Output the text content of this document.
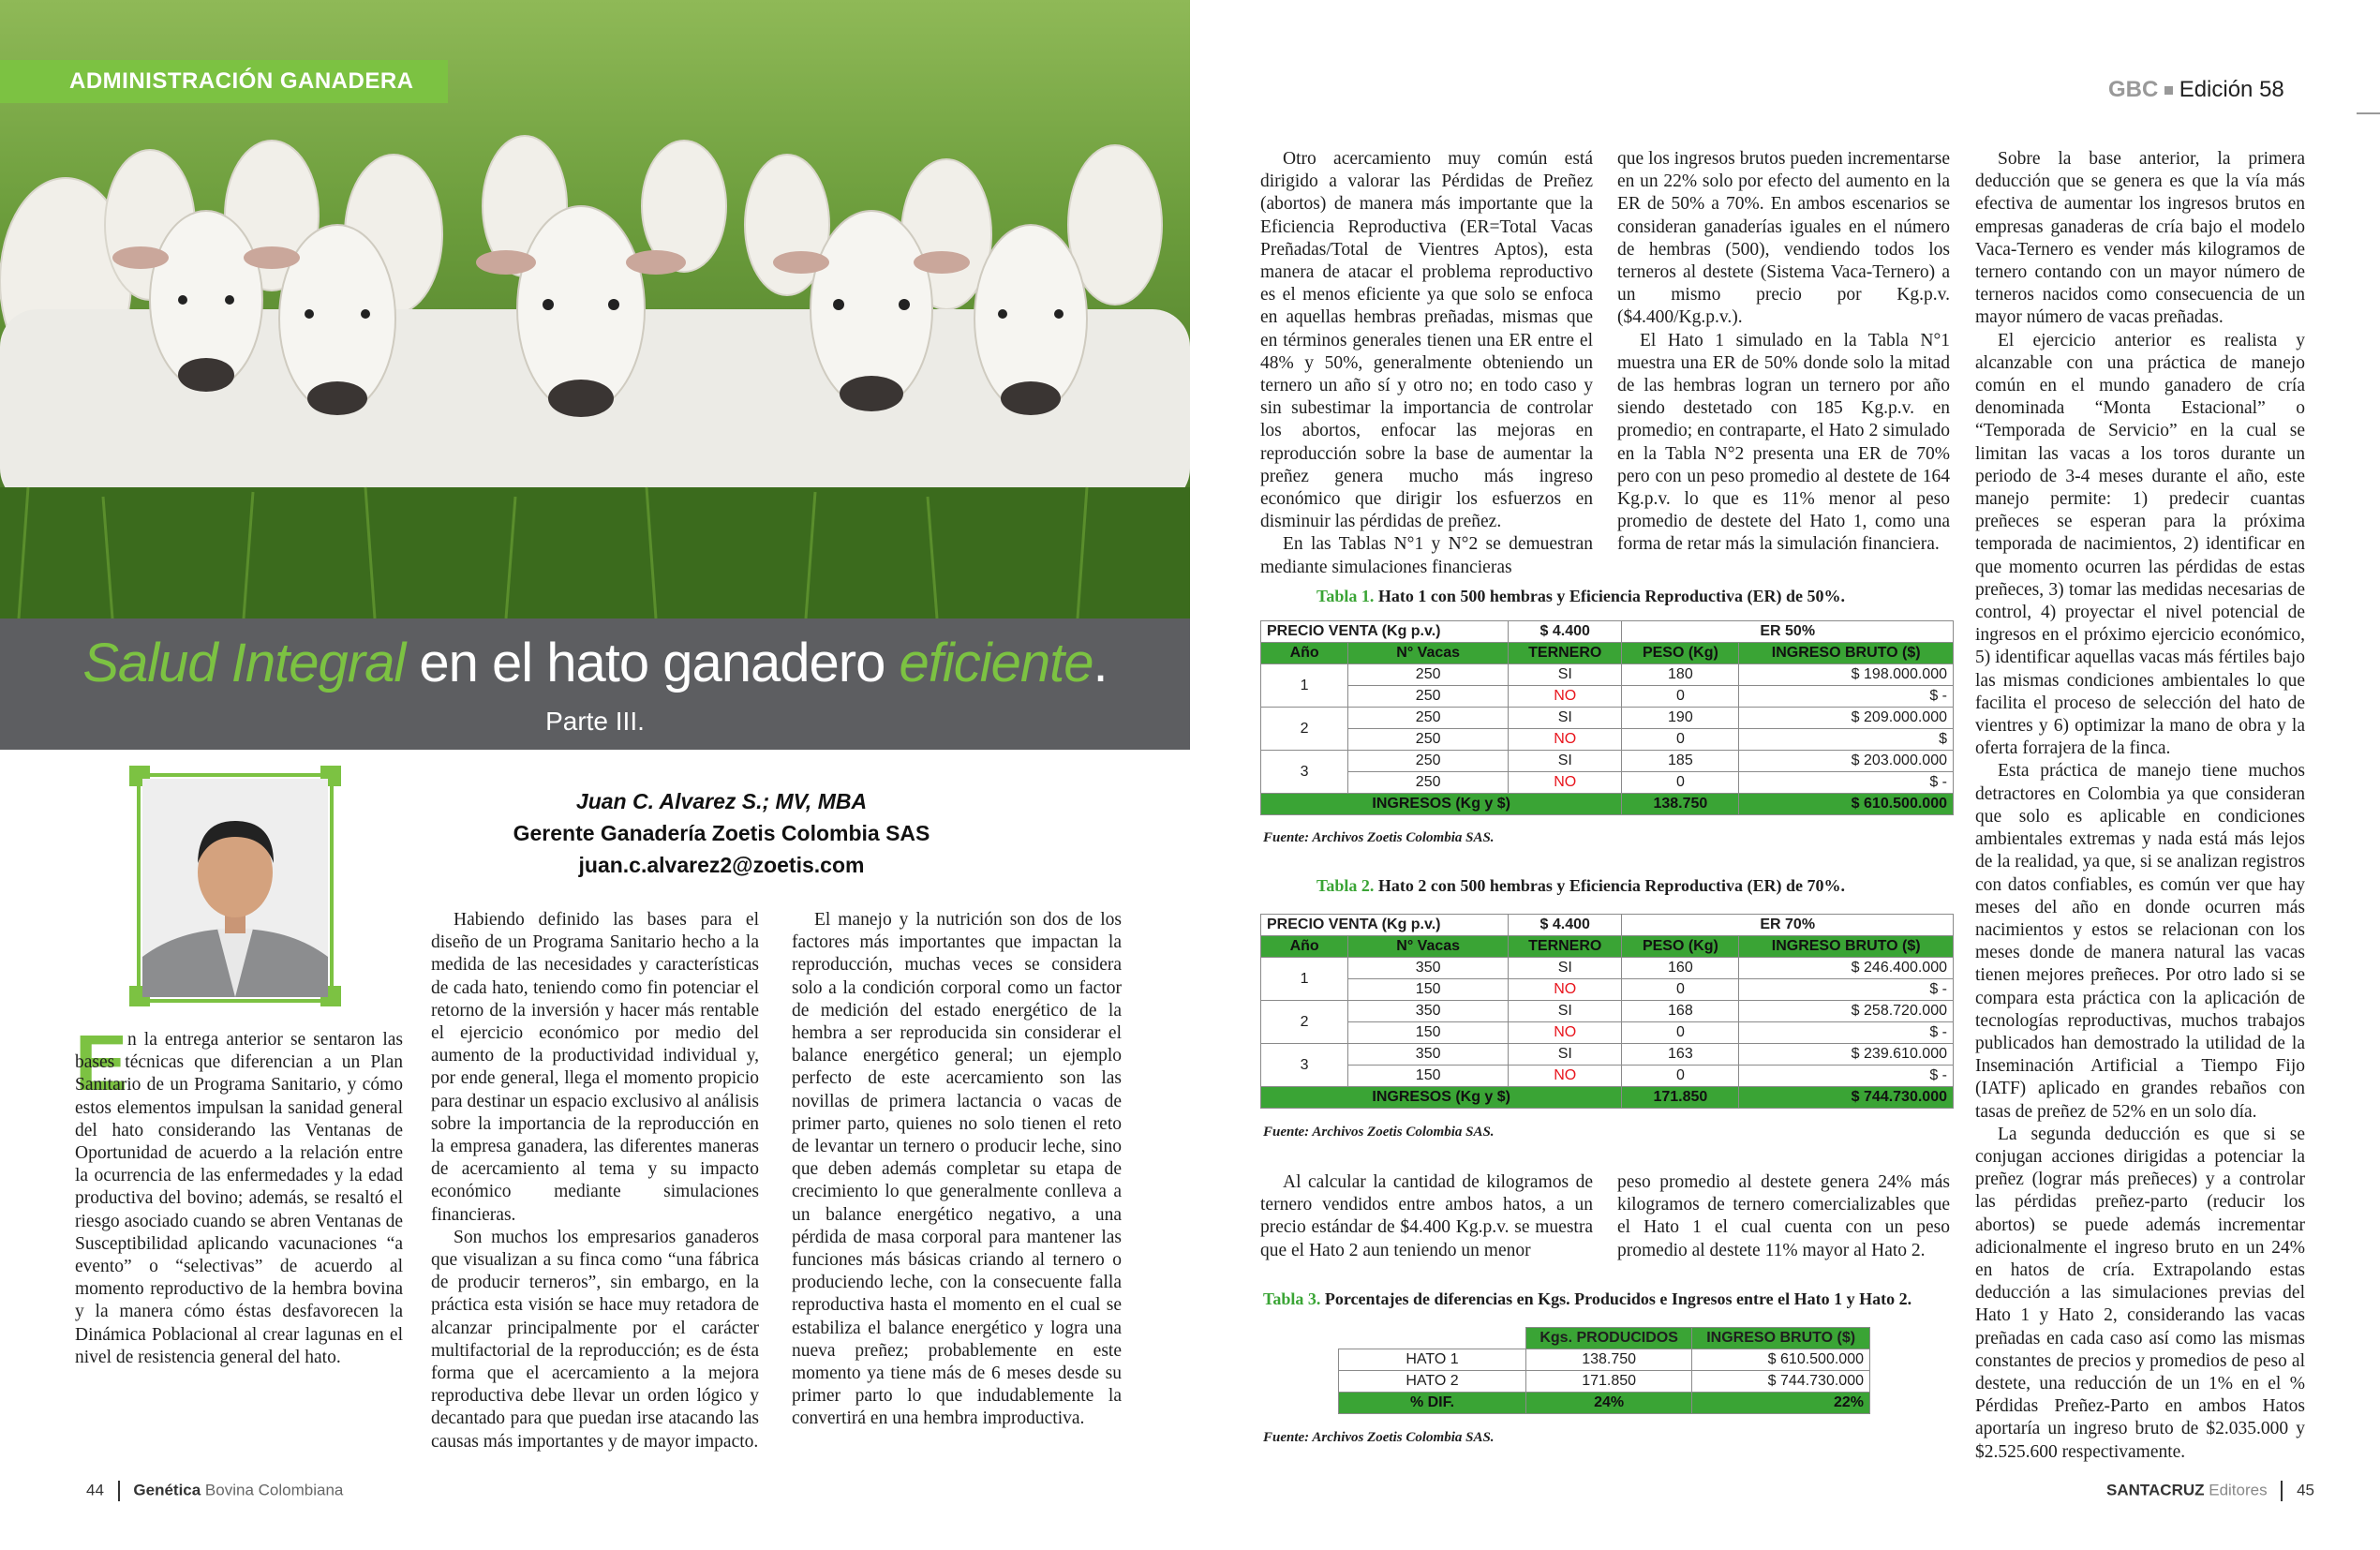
ADMINISTRACIÓN GANADERA
Salud Integral en el hato ganadero eficiente.
Parte III.
GBC Edición 58
Juan C. Alvarez S.; MV, MBA
Gerente Ganadería Zoetis Colombia SAS
juan.c.alvarez2@zoetis.com
E n la entrega anterior se sentaron las bases técnicas que diferencian a un Plan Sanitario de un Programa Sanitario, y cómo estos elementos impulsan la sanidad general del hato considerando las Ventanas de Oportunidad de acuerdo a la relación entre la ocurrencia de las enfermedades y la edad productiva del bovino; además, se resaltó el riesgo asociado cuando se abren Ventanas de Susceptibilidad aplicando vacunaciones “a evento” o “selectivas” de acuerdo al momento reproductivo de la hembra bovina y la manera cómo éstas desfavorecen la Dinámica Poblacional al crear lagunas en el nivel de resistencia general del hato.

Habiendo definido las bases para el diseño de un Programa Sanitario hecho a la medida de las necesidades y características de cada hato, teniendo como fin potenciar el retorno de la inversión y hacer más rentable el ejercicio económico por medio del aumento de la productividad individual y, por ende general, llega el momento propicio para destinar un espacio exclusivo al análisis sobre la importancia de la reproducción en la empresa ganadera, las diferentes maneras de acercamiento al tema y su impacto económico mediante simulaciones financieras.

Son muchos los empresarios ganaderos que visualizan a su finca como “una fábrica de producir terneros”, sin embargo, en la práctica esta visión se hace muy retadora de alcanzar principalmente por el carácter multifactorial de la reproducción; es de ésta forma que el acercamiento a la mejora reproductiva debe llevar un orden lógico y decantado para que puedan irse atacando las causas más importantes y de mayor impacto.

El manejo y la nutrición son dos de los factores más importantes que impactan la reproducción, muchas veces se considera solo a la condición corporal como un factor de medición del estado energético de la hembra a ser reproducida sin considerar el balance energético general; un ejemplo perfecto de este acercamiento son las novillas de primera lactancia o vacas de primer parto, quienes no solo tienen el reto de levantar un ternero o producir leche, sino que deben además completar su etapa de crecimiento lo que generalmente conlleva a un balance energético negativo, a una pérdida de masa corporal para mantener las funciones más básicas criando al ternero o produciendo leche, con la consecuente falla reproductiva hasta el momento en el cual se estabiliza el balance energético y logra una nueva preñez; probablemente en este momento ya tiene más de 6 meses desde su primer parto lo que indudablemente la convertirá en una hembra improductiva.

Otro acercamiento muy común está dirigido a valorar las Pérdidas de Preñez (abortos) de manera más importante que la Eficiencia Reproductiva (ER=Total Vacas Preñadas/Total de Vientres Aptos), esta manera de atacar el problema reproductivo es el menos eficiente ya que solo se enfoca en aquellas hembras preñadas, mismas que en términos generales tienen una ER entre el 48% y 50%, generalmente obteniendo un ternero un año sí y otro no; en todo caso y sin subestimar la importancia de controlar los abortos, enfocar las mejoras en reproducción sobre la base de aumentar la preñez genera mucho más ingreso económico que dirigir los esfuerzos en disminuir las pérdidas de preñez.

En las Tablas N°1 y N°2 se demuestran mediante simulaciones financieras

que los ingresos brutos pueden incrementarse en un 22% solo por efecto del aumento en la ER de 50% a 70%. En ambos escenarios se consideran ganaderías iguales en el número de hembras (500), vendiendo todos los terneros al destete (Sistema Vaca-Ternero) a un mismo precio por Kg.p.v. ($4.400/Kg.p.v.).

El Hato 1 simulado en la Tabla N°1 muestra una ER de 50% donde solo la mitad de las hembras logran un ternero por año siendo destetado con 185 Kg.p.v. en promedio; en contraparte, el Hato 2 simulado en la Tabla N°2 presenta una ER de 70% pero con un peso promedio al destete de 164 Kg.p.v. lo que es 11% menor al peso promedio de destete del Hato 1, como una forma de retar más la simulación financiera.

Sobre la base anterior, la primera deducción que se genera es que la vía más efectiva de aumentar los ingresos brutos en empresas ganaderas de cría bajo el modelo Vaca-Ternero es vender más kilogramos de ternero contando con un mayor número de terneros nacidos como consecuencia de un mayor número de vacas preñadas.

El ejercicio anterior es realista y alcanzable con una práctica de manejo común en el mundo ganadero de cría denominada “Monta Estacional” o “Temporada de Servicio” en la cual se limitan las vacas a los toros durante un periodo de 3-4 meses durante el año, este manejo permite: 1) predecir cuantas preñeces se esperan para la próxima temporada de nacimientos, 2) identificar en que momento ocurren las pérdidas de estas preñeces, 3) tomar las medidas necesarias de control, 4) proyectar el nivel potencial de ingresos en el próximo ejercicio económico, 5) identificar aquellas vacas más fértiles bajo las mismas condiciones ambientales lo que facilita el proceso de selección del hato de vientres y 6) optimizar la mano de obra y la oferta forrajera de la finca.

Esta práctica de manejo tiene muchos detractores en Colombia ya que consideran que solo es aplicable en condiciones ambientales extremas y nada está más lejos de la realidad, ya que, si se analizan registros con datos confiables, es común ver que hay meses del año en donde ocurren más nacimientos y estos se relacionan con los meses donde de manera natural las vacas tienen mejores preñeces. Por otro lado si se compara esta práctica con la aplicación de tecnologías reproductivas, muchos trabajos publicados han demostrado la utilidad de la Inseminación Artificial a Tiempo Fijo (IATF) aplicado en grandes rebaños con tasas de preñez de 52% en un solo día.

La segunda deducción es que si se conjugan acciones dirigidas a potenciar la preñez (lograr más preñeces) y a controlar las pérdidas preñez-parto (reducir los abortos) se puede además incrementar adicionalmente el ingreso bruto en un 24% en hatos de cría. Extrapolando estas deducción a las simulaciones previas del Hato 1 y Hato 2, considerando las vacas preñadas en cada caso así como las mismas constantes de precios y promedios de peso al destete, una reducción de un 1% en el % Pérdidas Preñez-Parto en ambos Hatos aportaría un ingreso bruto de $2.035.000 y $2.525.600 respectivamente.

Tabla 1. Hato 1 con 500 hembras y Eficiencia Reproductiva (ER) de 50%.
PRECIO VENTA (Kg p.v.)		$ 4.400	ER 50%	
Año	N° Vacas	TERNERO	PESO (Kg)	INGRESO BRUTO ($)
1	250	SI	180	$ 198.000.000
	250	NO	0	$ -
2	250	SI	190	$ 209.000.000
	250	NO	0	$
3	250	SI	185	$ 203.000.000
	250	NO	0	$ -
INGRESOS (Kg y $)			138.750	$ 610.500.000
Fuente: Archivos Zoetis Colombia SAS.
Tabla 2. Hato 2 con 500 hembras y Eficiencia Reproductiva (ER) de 70%.
PRECIO VENTA (Kg p.v.)		$ 4.400	ER 70%	
Año	N° Vacas	TERNERO	PESO (Kg)	INGRESO BRUTO ($)
1	350	SI	160	$ 246.400.000
	150	NO	0	$ -
2	350	SI	168	$ 258.720.000
	150	NO	0	$ -
3	350	SI	163	$ 239.610.000
	150	NO	0	$ -
INGRESOS (Kg y $)			171.850	$ 744.730.000
Fuente: Archivos Zoetis Colombia SAS.

Al calcular la cantidad de kilogramos de ternero vendidos entre ambos hatos, a un precio estándar de $4.400 Kg.p.v. se muestra que el Hato 2 aun teniendo un menor

peso promedio al destete genera 24% más kilogramos de ternero comercializables que el Hato 1 el cual cuenta con un peso promedio al destete 11% mayor al Hato 2.

Tabla 3. Porcentajes de diferencias en Kgs. Producidos e Ingresos entre el Hato 1 y Hato 2.
	Kgs. PRODUCIDOS	INGRESO BRUTO ($)
HATO 1	138.750	$ 610.500.000
HATO 2	171.850	$ 744.730.000
% DIF.	24%	22%
Fuente: Archivos Zoetis Colombia SAS.
44 Genética Bovina Colombiana	SANTACRUZ Editores 45
